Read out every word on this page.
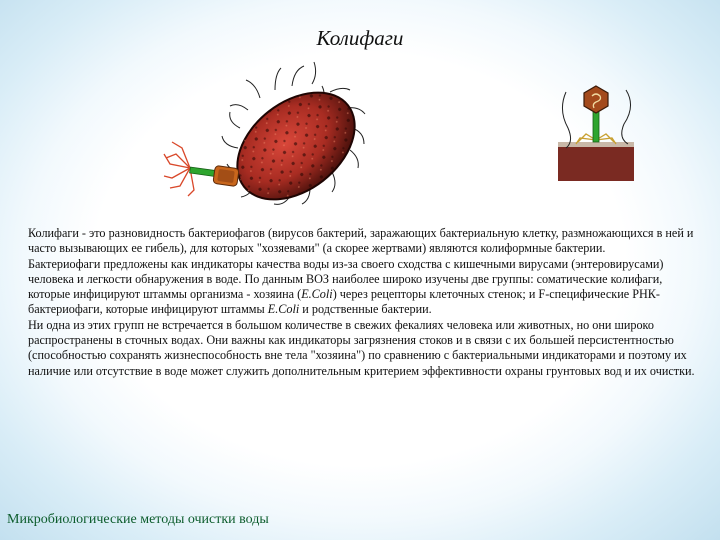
Колифаги

Колифаги - это разновидность бактериофагов (вирусов бактерий, заражающих бактериальную клетку, размножающихся в ней и часто вызывающих ее гибель), для которых "хозяевами" (а скорее жертвами) являются колиформные бактерии.

Бактериофаги предложены как индикаторы качества воды из-за своего сходства с кишечными вирусами (энтеровирусами) человека и легкости обнаружения в воде. По данным ВОЗ наиболее широко изучены две группы: соматические колифаги, которые инфицируют штаммы организма - хозяина (E.Coli) через рецепторы клеточных стенок; и F-специфические РНК-бактериофаги, которые инфицируют штаммы E.Coli и родственные бактерии.

Ни одна из этих групп не встречается в большом количестве в свежих фекалиях человека или животных, но они широко распространены в сточных водах. Они важны как индикаторы загрязнения стоков и в связи с их большей персистентностью (способностью сохранять жизнеспособность вне тела "хозяина") по сравнению с бактериальными индикаторами и поэтому их наличие или отсутствие в воде может служить дополнительным критерием эффективности охраны грунтовых вод и их очистки.

Микробиологические методы очистки воды
